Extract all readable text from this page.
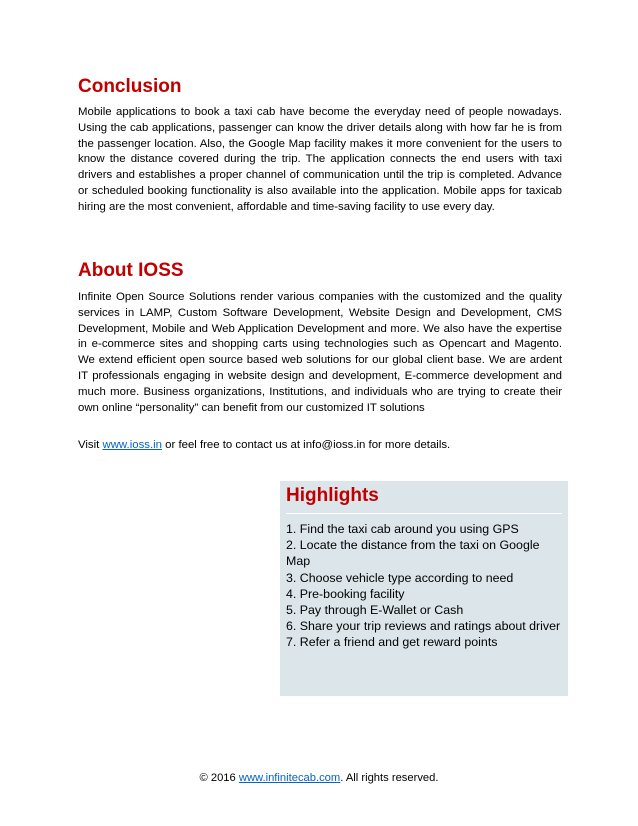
Conclusion

Mobile applications to book a taxi cab have become the everyday need of people nowadays. Using the cab applications, passenger can know the driver details along with how far he is from the passenger location. Also, the Google Map facility makes it more convenient for the users to know the distance covered during the trip. The application connects the end users with taxi drivers and establishes a proper channel of communication until the trip is completed. Advance or scheduled booking functionality is also available into the application. Mobile apps for taxicab hiring are the most convenient, affordable and time-saving facility to use every day.

About IOSS

Infinite Open Source Solutions render various companies with the customized and the quality services in LAMP, Custom Software Development, Website Design and Development, CMS Development, Mobile and Web Application Development and more. We also have the expertise in e-commerce sites and shopping carts using technologies such as Opencart and Magento. We extend efficient open source based web solutions for our global client base. We are ardent IT professionals engaging in website design and development, E-commerce development and much more. Business organizations, Institutions, and individuals who are trying to create their own online “personality” can benefit from our customized IT solutions

Visit www.ioss.in or feel free to contact us at info@ioss.in for more details.

Highlights
1. Find the taxi cab around you using GPS
2. Locate the distance from the taxi on Google Map
3. Choose vehicle type according to need
4. Pre-booking facility
5. Pay through E-Wallet or Cash
6. Share your trip reviews and ratings about driver
7. Refer a friend and get reward points
© 2016 www.infinitecab.com. All rights reserved.
